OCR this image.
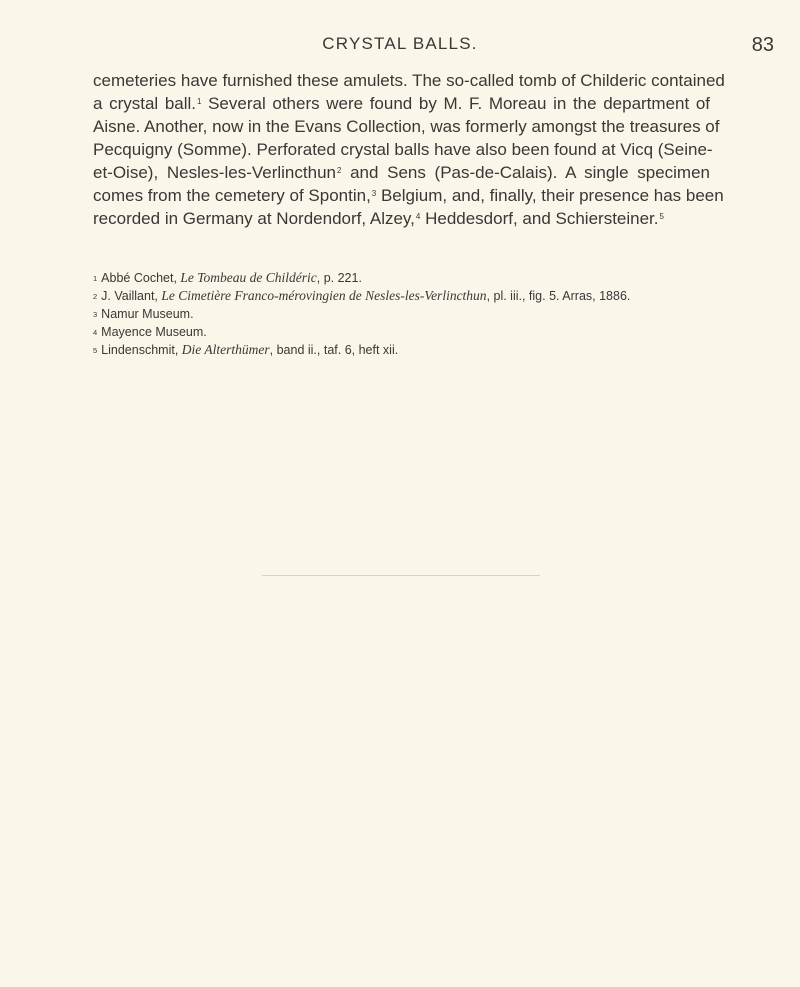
CRYSTAL BALLS.	83
cemeteries have furnished these amulets. The so-called tomb of Childeric contained
a crystal ball.$^1$ Several others were found by M. F. Moreau in the department of
Aisne. Another, now in the Evans Collection, was formerly amongst the treasures of
Pecquigny (Somme). Perforated crystal balls have also been found at Vicq (Seine-
et-Oise), Nesles-les-Verlincthun$^2$ and Sens (Pas-de-Calais). A single specimen
comes from the cemetery of Spontin,$^3$ Belgium, and, finally, their presence has been
recorded in Germany at Nordendorf, Alzey,$^4$ Heddesdorf, and Schiersteiner.$^5$
$^1$ Abbé Cochet, Le Tombeau de Childéric, p. 221.
$^2$ J. Vaillant, Le Cimetière Franco-mérovingien de Nesles-les-Verlincthun, pl. iii., fig. 5. Arras, 1886.
$^3$ Namur Museum.
$^4$ Mayence Museum.
$^5$ Lindenschmit, Die Alterthümer, band ii., taf. 6, heft xii.
